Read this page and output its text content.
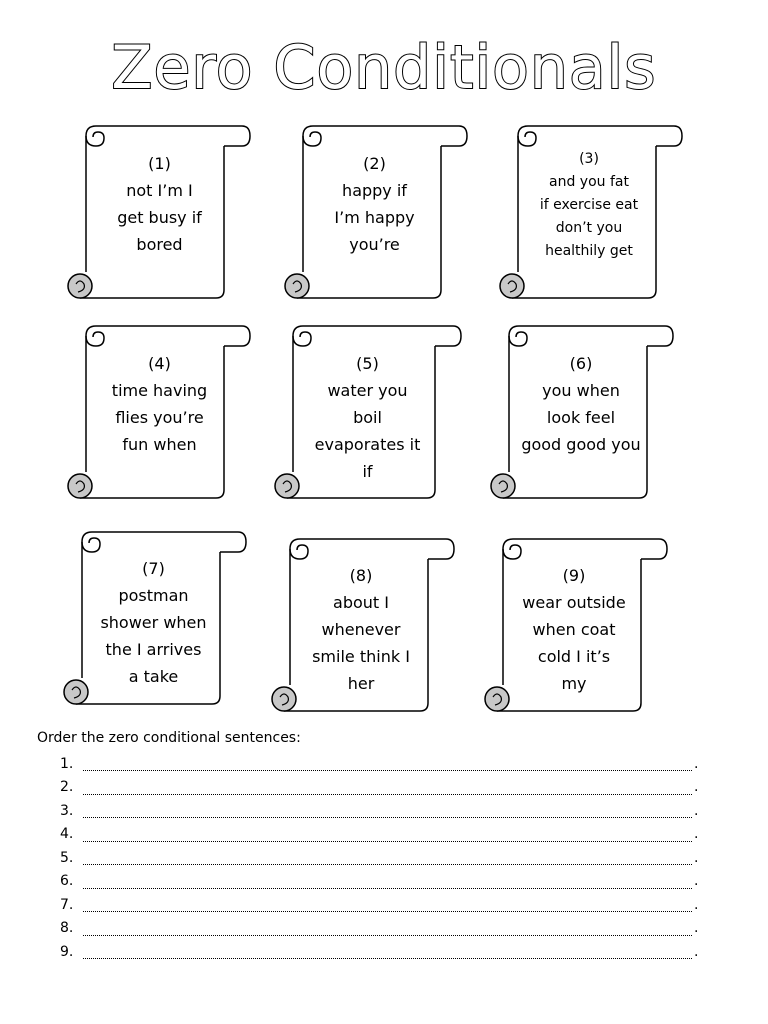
Zero Conditionals
(1)
not I’m I
get busy if
bored
(2)
happy if
I’m happy
you’re
(3)
and you fat
if exercise eat
don’t you
healthily get
(4)
time having
flies you’re
fun when
(5)
water you
boil
evaporates it
if
(6)
you when
look feel
good good you
(7)
postman
shower when
the I arrives
a take
(8)
about I
whenever
smile think I
her
(9)
wear outside
when coat
cold I it’s
my
Order the zero conditional sentences:
1.	.
2.	.
3.	.
4.	.
5.	.
6.	.
7.	.
8.	.
9.	.
